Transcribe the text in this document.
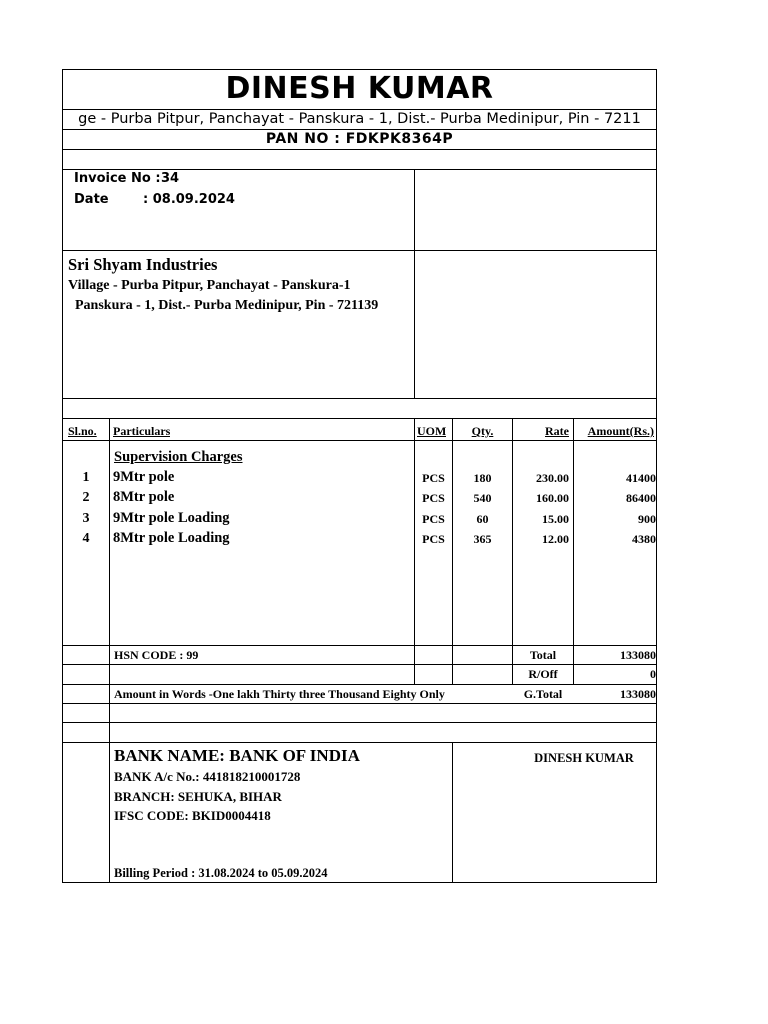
DINESH KUMAR
ge - Purba Pitpur, Panchayat - Panskura - 1, Dist.- Purba Medinipur, Pin - 7211
PAN NO : FDKPK8364P
Invoice No : 34
Date	: 08.09.2024
Sri Shyam Industries
Village - Purba Pitpur, Panchayat - Panskura-1
Panskura - 1, Dist.- Purba Medinipur, Pin - 721139
Sl.no. Particulars	UOM	Qty.	Rate	Amount(Rs.)
Supervision Charges
1	9Mtr pole	PCS	180	230.00	41400
2	8Mtr pole	PCS	540	160.00	86400
3	9Mtr pole Loading	PCS	60	15.00	900
4	8Mtr pole Loading	PCS	365	12.00	4380
HSN CODE : 99	Total	133080
R/Off	0
Amount in Words -One lakh Thirty three Thousand Eighty Only	G.Total	133080
BANK NAME: BANK OF INDIA
BANK A/c No.: 441818210001728
BRANCH: SEHUKA, BIHAR
IFSC CODE: BKID0004418
Billing Period : 31.08.2024 to 05.09.2024
DINESH KUMAR
